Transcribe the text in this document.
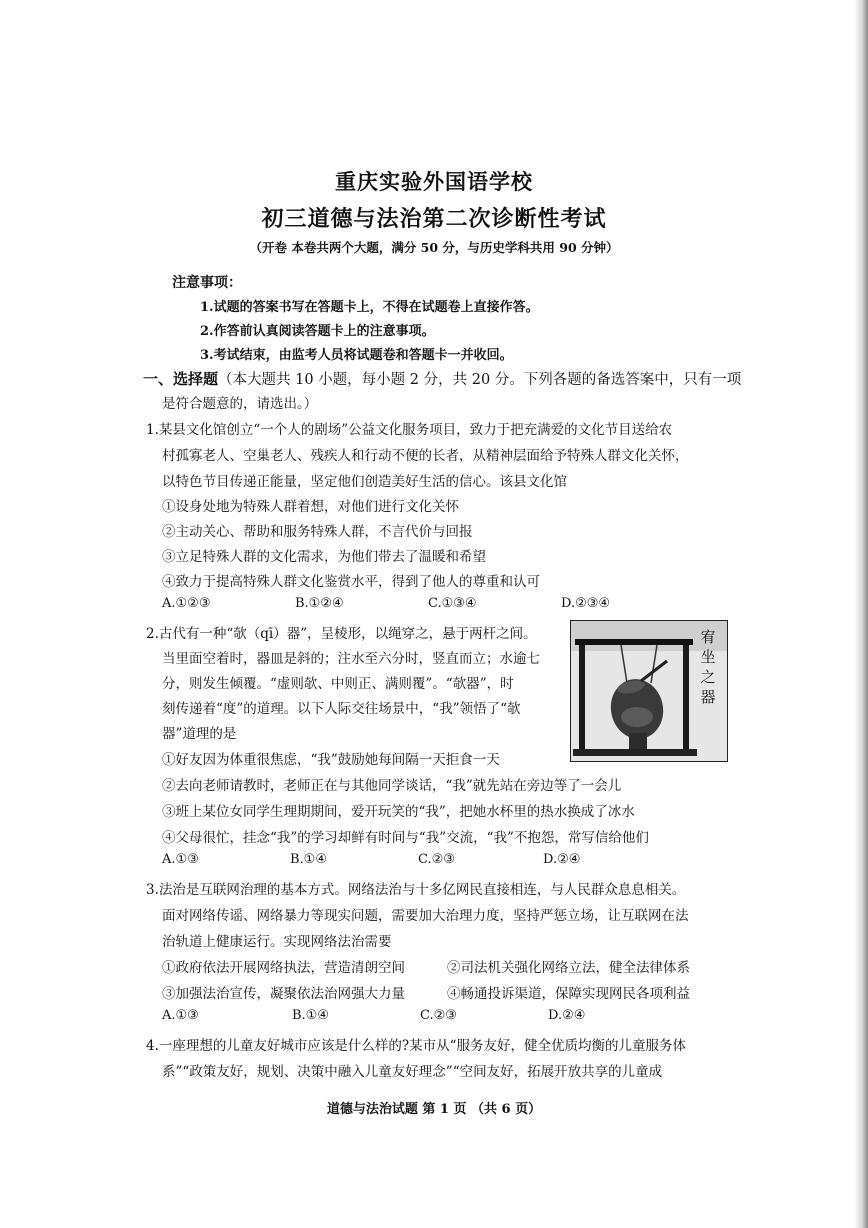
重庆实验外国语学校
初三道德与法治第二次诊断性考试
（开卷 本卷共两个大题，满分 50 分，与历史学科共用 90 分钟）
注意事项：
1.试题的答案书写在答题卡上，不得在试题卷上直接作答。
2.作答前认真阅读答题卡上的注意事项。
3.考试结束，由监考人员将试题卷和答题卡一并收回。
一、选择题（本大题共 10 小题，每小题 2 分，共 20 分。下列各题的备选答案中，只有一项
是符合题意的，请选出。）
1.某县文化馆创立“一个人的剧场”公益文化服务项目，致力于把充满爱的文化节目送给农
村孤寡老人、空巢老人、残疾人和行动不便的长者，从精神层面给予特殊人群文化关怀，
以特色节目传递正能量，坚定他们创造美好生活的信心。该县文化馆
①设身处地为特殊人群着想，对他们进行文化关怀
②主动关心、帮助和服务特殊人群，不言代价与回报
③立足特殊人群的文化需求，为他们带去了温暖和希望
④致力于提高特殊人群文化鉴赏水平，得到了他人的尊重和认可
A.①②③	B.①②④	C.①③④	D.②③④
2.古代有一种“欹（qī）器”，呈棱形，以绳穿之，悬于两杆之间。
当里面空着时，器皿是斜的；注水至六分时，竖直而立；水逾七
分，则发生倾覆。“虚则欹、中则正、满则覆”。“欹器”，时
刻传递着“度”的道理。以下人际交往场景中，“我”领悟了“欹
器”道理的是
宥坐之器
①好友因为体重很焦虑，“我”鼓励她每间隔一天拒食一天
②去向老师请教时，老师正在与其他同学谈话，“我”就先站在旁边等了一会儿
③班上某位女同学生理期期间，爱开玩笑的“我”，把她水杯里的热水换成了冰水
④父母很忙，挂念“我”的学习却鲜有时间与“我”交流，“我”不抱怨，常写信给他们
A.①③	B.①④	C.②③	D.②④
3.法治是互联网治理的基本方式。网络法治与十多亿网民直接相连，与人民群众息息相关。
面对网络传谣、网络暴力等现实问题，需要加大治理力度，坚持严惩立场，让互联网在法
治轨道上健康运行。实现网络法治需要
①政府依法开展网络执法，营造清朗空间	②司法机关强化网络立法，健全法律体系
③加强法治宣传，凝聚依法治网强大力量	④畅通投诉渠道，保障实现网民各项利益
A.①③	B.①④	C.②③	D.②④
4.一座理想的儿童友好城市应该是什么样的?某市从“服务友好，健全优质均衡的儿童服务体
系”“政策友好，规划、决策中融入儿童友好理念”“空间友好，拓展开放共享的儿童成
道德与法治试题 第 1 页 （共 6 页）
